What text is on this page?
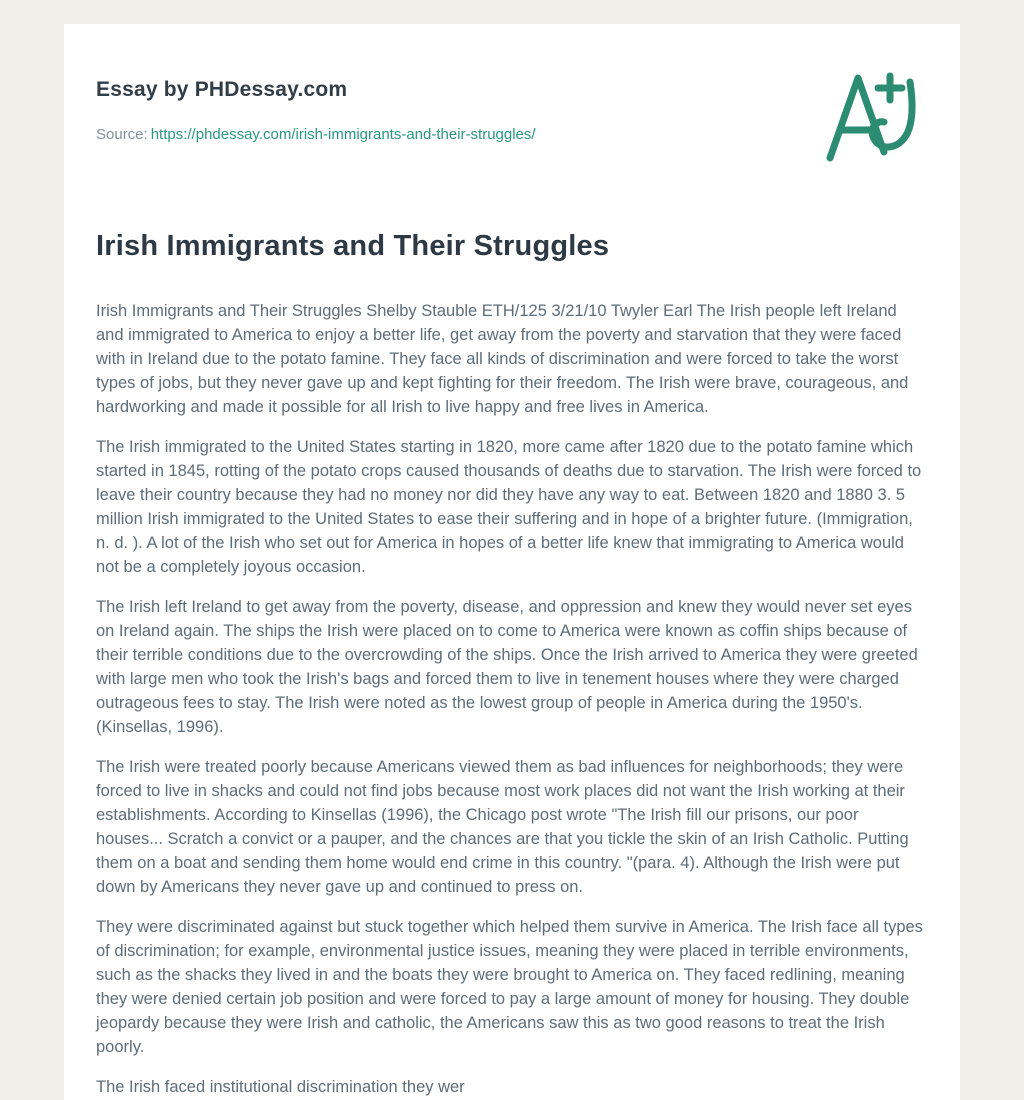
Essay by PHDessay.com
Source: https://phdessay.com/irish-immigrants-and-their-struggles/
Irish Immigrants and Their Struggles

Irish Immigrants and Their Struggles Shelby Stauble ETH/125 3/21/10 Twyler Earl The Irish people left Ireland and immigrated to America to enjoy a better life, get away from the poverty and starvation that they were faced with in Ireland due to the potato famine. They face all kinds of discrimination and were forced to take the worst types of jobs, but they never gave up and kept fighting for their freedom. The Irish were brave, courageous, and hardworking and made it possible for all Irish to live happy and free lives in America.

The Irish immigrated to the United States starting in 1820, more came after 1820 due to the potato famine which started in 1845, rotting of the potato crops caused thousands of deaths due to starvation. The Irish were forced to leave their country because they had no money nor did they have any way to eat. Between 1820 and 1880 3. 5 million Irish immigrated to the United States to ease their suffering and in hope of a brighter future. (Immigration, n. d. ). A lot of the Irish who set out for America in hopes of a better life knew that immigrating to America would not be a completely joyous occasion.

The Irish left Ireland to get away from the poverty, disease, and oppression and knew they would never set eyes on Ireland again. The ships the Irish were placed on to come to America were known as coffin ships because of their terrible conditions due to the overcrowding of the ships. Once the Irish arrived to America they were greeted with large men who took the Irish's bags and forced them to live in tenement houses where they were charged outrageous fees to stay. The Irish were noted as the lowest group of people in America during the 1950's. (Kinsellas, 1996).

The Irish were treated poorly because Americans viewed them as bad influences for neighborhoods; they were forced to live in shacks and could not find jobs because most work places did not want the Irish working at their establishments. According to Kinsellas (1996), the Chicago post wrote "The Irish fill our prisons, our poor houses... Scratch a convict or a pauper, and the chances are that you tickle the skin of an Irish Catholic. Putting them on a boat and sending them home would end crime in this country. "(para. 4). Although the Irish were put down by Americans they never gave up and continued to press on.

They were discriminated against but stuck together which helped them survive in America. The Irish face all types of discrimination; for example, environmental justice issues, meaning they were placed in terrible environments, such as the shacks they lived in and the boats they were brought to America on. They faced redlining, meaning they were denied certain job position and were forced to pay a large amount of money for housing. They double jeopardy because they were Irish and catholic, the Americans saw this as two good reasons to treat the Irish poorly.

The Irish faced institutional discrimination they wer
